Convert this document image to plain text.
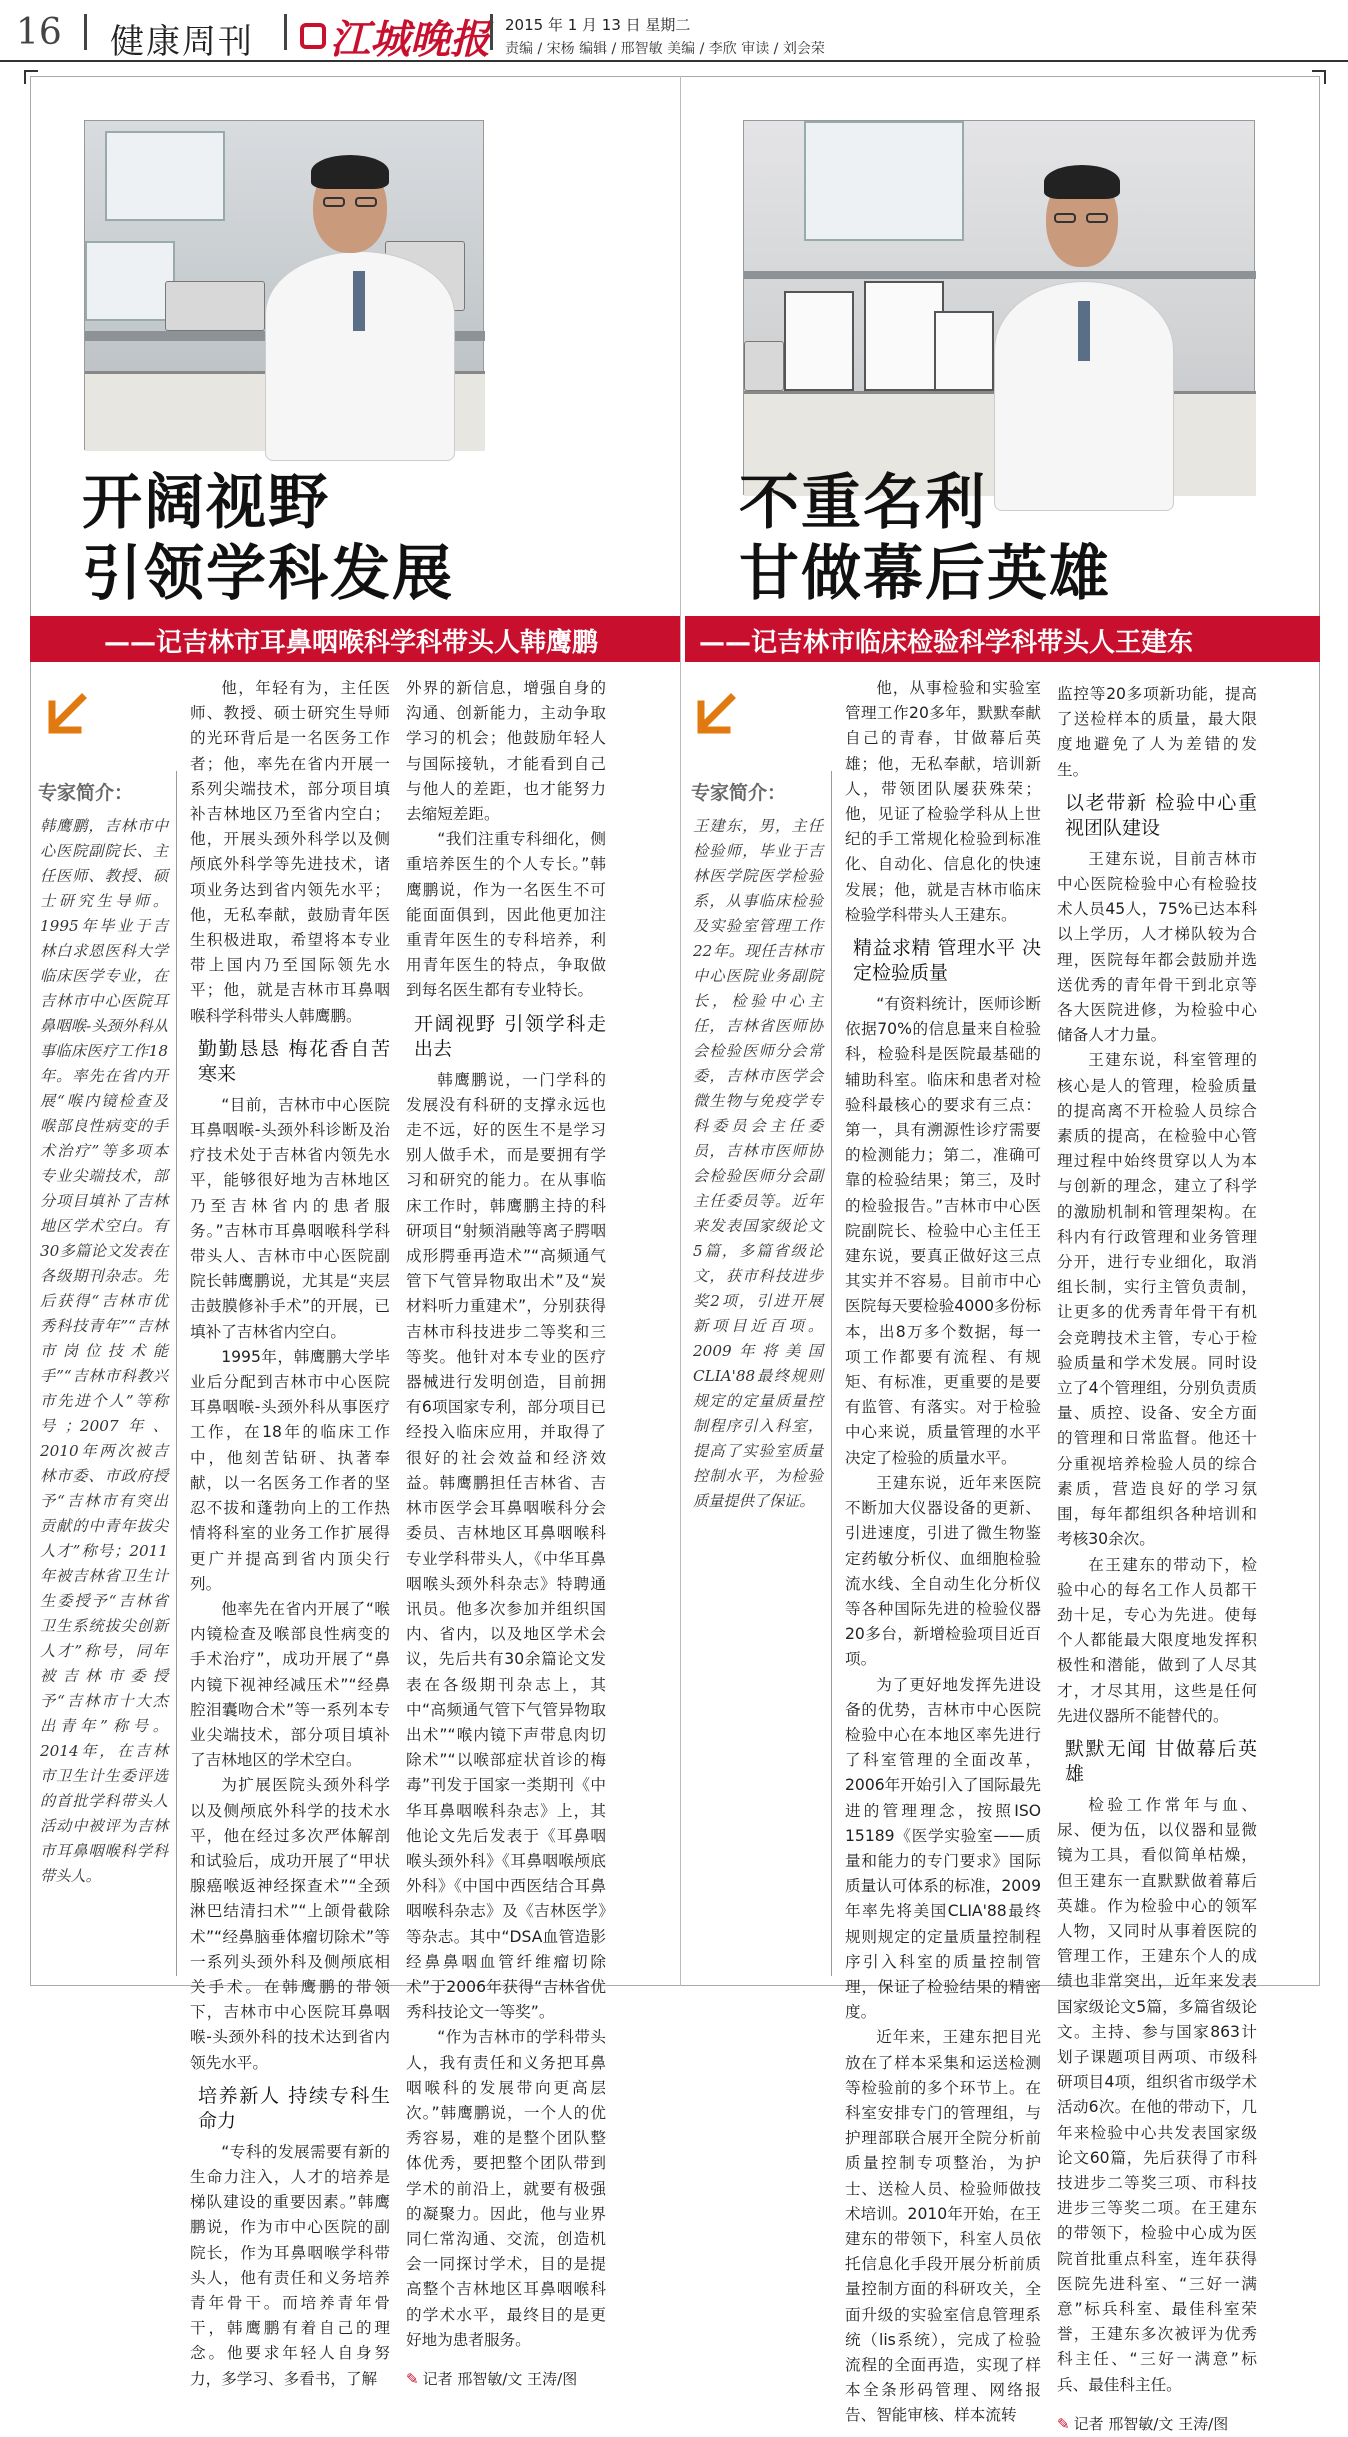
16 健康周刊	江城晚报 2015 年 1 月 13 日 星期二
责编 / 宋杨 编辑 / 邢智敏 美编 / 李欣 审读 / 刘会荣
开阔视野
引领学科发展
——记吉林市耳鼻咽喉科学科带头人韩鹰鹏
专家简介：
韩鹰鹏，吉林市中心医院副院长、主任医师、教授、硕士研究生导师。1995年毕业于吉林白求恩医科大学临床医学专业，在吉林市中心医院耳鼻咽喉-头颈外科从事临床医疗工作18年。率先在省内开展“喉内镜检查及喉部良性病变的手术治疗”等多项本专业尖端技术，部分项目填补了吉林地区学术空白。有30多篇论文发表在各级期刊杂志。先后获得“吉林市优秀科技青年”“吉林市岗位技术能手”“吉林市科教兴市先进个人”等称号；2007年、2010年两次被吉林市委、市政府授予“吉林市有突出贡献的中青年拔尖人才”称号；2011年被吉林省卫生计生委授予“吉林省卫生系统拔尖创新人才”称号，同年被吉林市委授予“吉林市十大杰出青年”称号。2014年，在吉林市卫生计生委评选的首批学科带头人活动中被评为吉林市耳鼻咽喉科学科带头人。

他，年轻有为，主任医师、教授、硕士研究生导师的光环背后是一名医务工作者；他，率先在省内开展一系列尖端技术，部分项目填补吉林地区乃至省内空白；他，开展头颈外科学以及侧颅底外科学等先进技术，诸项业务达到省内领先水平；他，无私奉献，鼓励青年医生积极进取，希望将本专业带上国内乃至国际领先水平；他，就是吉林市耳鼻咽喉科学科带头人韩鹰鹏。

勤勤恳恳 梅花香自苦寒来

“目前，吉林市中心医院耳鼻咽喉-头颈外科诊断及治疗技术处于吉林省内领先水平，能够很好地为吉林地区乃至吉林省内的患者服务。”吉林市耳鼻咽喉科学科带头人、吉林市中心医院副院长韩鹰鹏说，尤其是“夹层击鼓膜修补手术”的开展，已填补了吉林省内空白。

1995年，韩鹰鹏大学毕业后分配到吉林市中心医院耳鼻咽喉-头颈外科从事医疗工作，在18年的临床工作中，他刻苦钻研、执著奉献，以一名医务工作者的坚忍不拔和蓬勃向上的工作热情将科室的业务工作扩展得更广并提高到省内顶尖行列。

他率先在省内开展了“喉内镜检查及喉部良性病变的手术治疗”，成功开展了“鼻内镜下视神经减压术”“经鼻腔泪囊吻合术”等一系列本专业尖端技术，部分项目填补了吉林地区的学术空白。

为扩展医院头颈外科学以及侧颅底外科学的技术水平，他在经过多次严体解剖和试验后，成功开展了“甲状腺癌喉返神经探查术”“全颈淋巴结清扫术”“上颌骨截除术”“经鼻脑垂体瘤切除术”等一系列头颈外科及侧颅底相关手术。在韩鹰鹏的带领下，吉林市中心医院耳鼻咽喉-头颈外科的技术达到省内领先水平。

培养新人 持续专科生命力

“专科的发展需要有新的生命力注入，人才的培养是梯队建设的重要因素。”韩鹰鹏说，作为市中心医院的副院长，作为耳鼻咽喉学科带头人，他有责任和义务培养青年骨干。而培养青年骨干，韩鹰鹏有着自己的理念。他要求年轻人自身努力，多学习、多看书，了解

外界的新信息，增强自身的沟通、创新能力，主动争取学习的机会；他鼓励年轻人与国际接轨，才能看到自己与他人的差距，也才能努力去缩短差距。

“我们注重专科细化，侧重培养医生的个人专长。”韩鹰鹏说，作为一名医生不可能面面俱到，因此他更加注重青年医生的专科培养，利用青年医生的特点，争取做到每名医生都有专业特长。

开阔视野 引领学科走出去

韩鹰鹏说，一门学科的发展没有科研的支撑永远也走不远，好的医生不是学习别人做手术，而是要拥有学习和研究的能力。在从事临床工作时，韩鹰鹏主持的科研项目“射频消融等离子腭咽成形腭垂再造术”“高频通气管下气管异物取出术”及“炭材料听力重建术”，分别获得吉林市科技进步二等奖和三等奖。他针对本专业的医疗器械进行发明创造，目前拥有6项国家专利，部分项目已经投入临床应用，并取得了很好的社会效益和经济效益。韩鹰鹏担任吉林省、吉林市医学会耳鼻咽喉科分会委员、吉林地区耳鼻咽喉科专业学科带头人，《中华耳鼻咽喉头颈外科杂志》特聘通讯员。他多次参加并组织国内、省内，以及地区学术会议，先后共有30余篇论文发表在各级期刊杂志上，其中“高频通气管下气管异物取出术”“喉内镜下声带息肉切除术”“以喉部症状首诊的梅毒”刊发于国家一类期刊《中华耳鼻咽喉科杂志》上，其他论文先后发表于《耳鼻咽喉头颈外科》《耳鼻咽喉颅底外科》《中国中西医结合耳鼻咽喉科杂志》及《吉林医学》等杂志。其中“DSA血管造影经鼻鼻咽血管纤维瘤切除术”于2006年获得“吉林省优秀科技论文一等奖”。

“作为吉林市的学科带头人，我有责任和义务把耳鼻咽喉科的发展带向更高层次。”韩鹰鹏说，一个人的优秀容易，难的是整个团队整体优秀，要把整个团队带到学术的前沿上，就要有极强的凝聚力。因此，他与业界同仁常沟通、交流，创造机会一同探讨学术，目的是提高整个吉林地区耳鼻咽喉科的学术水平，最终目的是更好地为患者服务。

✎ 记者 邢智敏/文 王涛/图
不重名利
甘做幕后英雄
——记吉林市临床检验科学科带头人王建东
专家简介：
王建东，男，主任检验师，毕业于吉林医学院医学检验系，从事临床检验及实验室管理工作22年。现任吉林市中心医院业务副院长，检验中心主任，吉林省医师协会检验医师分会常委，吉林市医学会微生物与免疫学专科委员会主任委员，吉林市医师协会检验医师分会副主任委员等。近年来发表国家级论文5篇，多篇省级论文，获市科技进步奖2项，引进开展新项目近百项。2009年将美国CLIA'88最终规则规定的定量质量控制程序引入科室，提高了实验室质量控制水平，为检验质量提供了保证。

他，从事检验和实验室管理工作20多年，默默奉献自己的青春，甘做幕后英雄；他，无私奉献，培训新人，带领团队屡获殊荣；他，见证了检验学科从上世纪的手工常规化检验到标准化、自动化、信息化的快速发展；他，就是吉林市临床检验学科带头人王建东。

精益求精 管理水平 决定检验质量

“有资料统计，医师诊断依据70%的信息量来自检验科，检验科是医院最基础的辅助科室。临床和患者对检验科最核心的要求有三点：第一，具有溯源性诊疗需要的检测能力；第二，准确可靠的检验结果；第三，及时的检验报告。”吉林市中心医院副院长、检验中心主任王建东说，要真正做好这三点其实并不容易。目前市中心医院每天要检验4000多份标本，出8万多个数据，每一项工作都要有流程、有规矩、有标准，更重要的是要有监管、有落实。对于检验中心来说，质量管理的水平决定了检验的质量水平。

王建东说，近年来医院不断加大仪器设备的更新、引进速度，引进了微生物鉴定药敏分析仪、血细胞检验流水线、全自动生化分析仪等各种国际先进的检验仪器20多台，新增检验项目近百项。

为了更好地发挥先进设备的优势，吉林市中心医院检验中心在本地区率先进行了科室管理的全面改革，2006年开始引入了国际最先进的管理理念，按照ISO 15189《医学实验室——质量和能力的专门要求》国际质量认可体系的标准，2009年率先将美国CLIA'88最终规则规定的定量质量控制程序引入科室的质量控制管理，保证了检验结果的精密度。

近年来，王建东把目光放在了样本采集和运送检测等检验前的多个环节上。在科室安排专门的管理组，与护理部联合展开全院分析前质量控制专项整治，为护士、送检人员、检验师做技术培训。2010年开始，在王建东的带领下，科室人员依托信息化手段开展分析前质量控制方面的科研攻关，全面升级的实验室信息管理系统（lis系统），完成了检验流程的全面再造，实现了样本全条形码管理、网络报告、智能审核、样本流转

监控等20多项新功能，提高了送检样本的质量，最大限度地避免了人为差错的发生。

以老带新 检验中心重视团队建设

王建东说，目前吉林市中心医院检验中心有检验技术人员45人，75%已达本科以上学历，人才梯队较为合理，医院每年都会鼓励并选送优秀的青年骨干到北京等各大医院进修，为检验中心储备人才力量。

王建东说，科室管理的核心是人的管理，检验质量的提高离不开检验人员综合素质的提高，在检验中心管理过程中始终贯穿以人为本与创新的理念，建立了科学的激励机制和管理架构。在科内有行政管理和业务管理分开，进行专业细化，取消组长制，实行主管负责制，让更多的优秀青年骨干有机会竞聘技术主管，专心于检验质量和学术发展。同时设立了4个管理组，分别负责质量、质控、设备、安全方面的管理和日常监督。他还十分重视培养检验人员的综合素质，营造良好的学习氛围，每年都组织各种培训和考核30余次。

在王建东的带动下，检验中心的每名工作人员都干劲十足，专心为先进。使每个人都能最大限度地发挥积极性和潜能，做到了人尽其才，才尽其用，这些是任何先进仪器所不能替代的。

默默无闻 甘做幕后英雄

检验工作常年与血、尿、便为伍，以仪器和显微镜为工具，看似简单枯燥，但王建东一直默默做着幕后英雄。作为检验中心的领军人物，又同时从事着医院的管理工作，王建东个人的成绩也非常突出，近年来发表国家级论文5篇，多篇省级论文。主持、参与国家863计划子课题项目两项、市级科研项目4项，组织省市级学术活动6次。在他的带动下，几年来检验中心共发表国家级论文60篇，先后获得了市科技进步二等奖三项、市科技进步三等奖二项。在王建东的带领下，检验中心成为医院首批重点科室，连年获得医院先进科室、“三好一满意”标兵科室、最佳科室荣誉，王建东多次被评为优秀科主任、“三好一满意”标兵、最佳科主任。

✎ 记者 邢智敏/文 王涛/图
